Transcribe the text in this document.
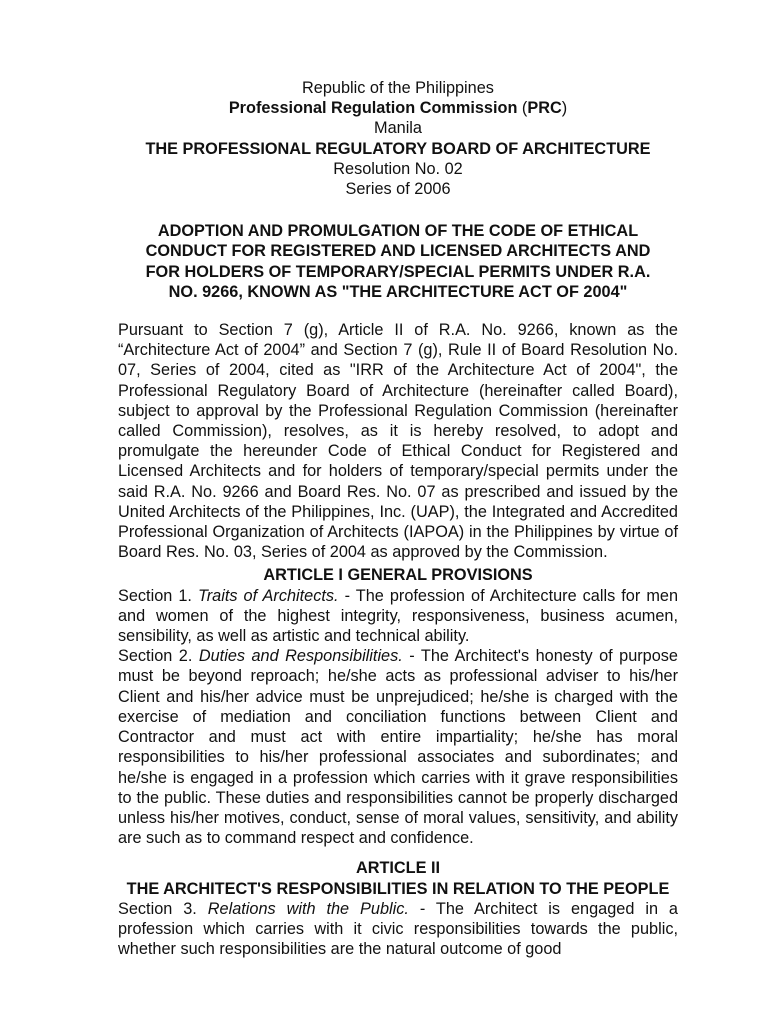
Republic of the Philippines
Professional Regulation Commission (PRC)
Manila
THE PROFESSIONAL REGULATORY BOARD OF ARCHITECTURE
Resolution No. 02
Series of 2006
ADOPTION AND PROMULGATION OF THE CODE OF ETHICAL
CONDUCT FOR REGISTERED AND LICENSED ARCHITECTS AND
FOR HOLDERS OF TEMPORARY/SPECIAL PERMITS UNDER R.A.
NO. 9266, KNOWN AS "THE ARCHITECTURE ACT OF 2004"

Pursuant to Section 7 (g), Article II of R.A. No. 9266, known as the “Architecture Act of 2004” and Section 7 (g), Rule II of Board Resolution No. 07, Series of 2004, cited as "IRR of the Architecture Act of 2004", the Professional Regulatory Board of Architecture (hereinafter called Board), subject to approval by the Professional Regulation Commission (hereinafter called Commission), resolves, as it is hereby resolved, to adopt and promulgate the hereunder Code of Ethical Conduct for Registered and Licensed Architects and for holders of temporary/special permits under the said R.A. No. 9266 and Board Res. No. 07 as prescribed and issued by the United Architects of the Philippines, Inc. (UAP), the Integrated and Accredited Professional Organization of Architects (IAPOA) in the Philippines by virtue of Board Res. No. 03, Series of 2004 as approved by the Commission.

ARTICLE I GENERAL PROVISIONS

Section 1. Traits of Architects. - The profession of Architecture calls for men and women of the highest integrity, responsiveness, business acumen, sensibility, as well as artistic and technical ability.

Section 2. Duties and Responsibilities. - The Architect's honesty of purpose must be beyond reproach; he/she acts as professional adviser to his/her Client and his/her advice must be unprejudiced; he/she is charged with the exercise of mediation and conciliation functions between Client and Contractor and must act with entire impartiality; he/she has moral responsibilities to his/her professional associates and subordinates; and he/she is engaged in a profession which carries with it grave responsibilities to the public. These duties and responsibilities cannot be properly discharged unless his/her motives, conduct, sense of moral values, sensitivity, and ability are such as to command respect and confidence.

ARTICLE II
THE ARCHITECT'S RESPONSIBILITIES IN RELATION TO THE PEOPLE

Section 3. Relations with the Public. - The Architect is engaged in a profession which carries with it civic responsibilities towards the public, whether such responsibilities are the natural outcome of good
